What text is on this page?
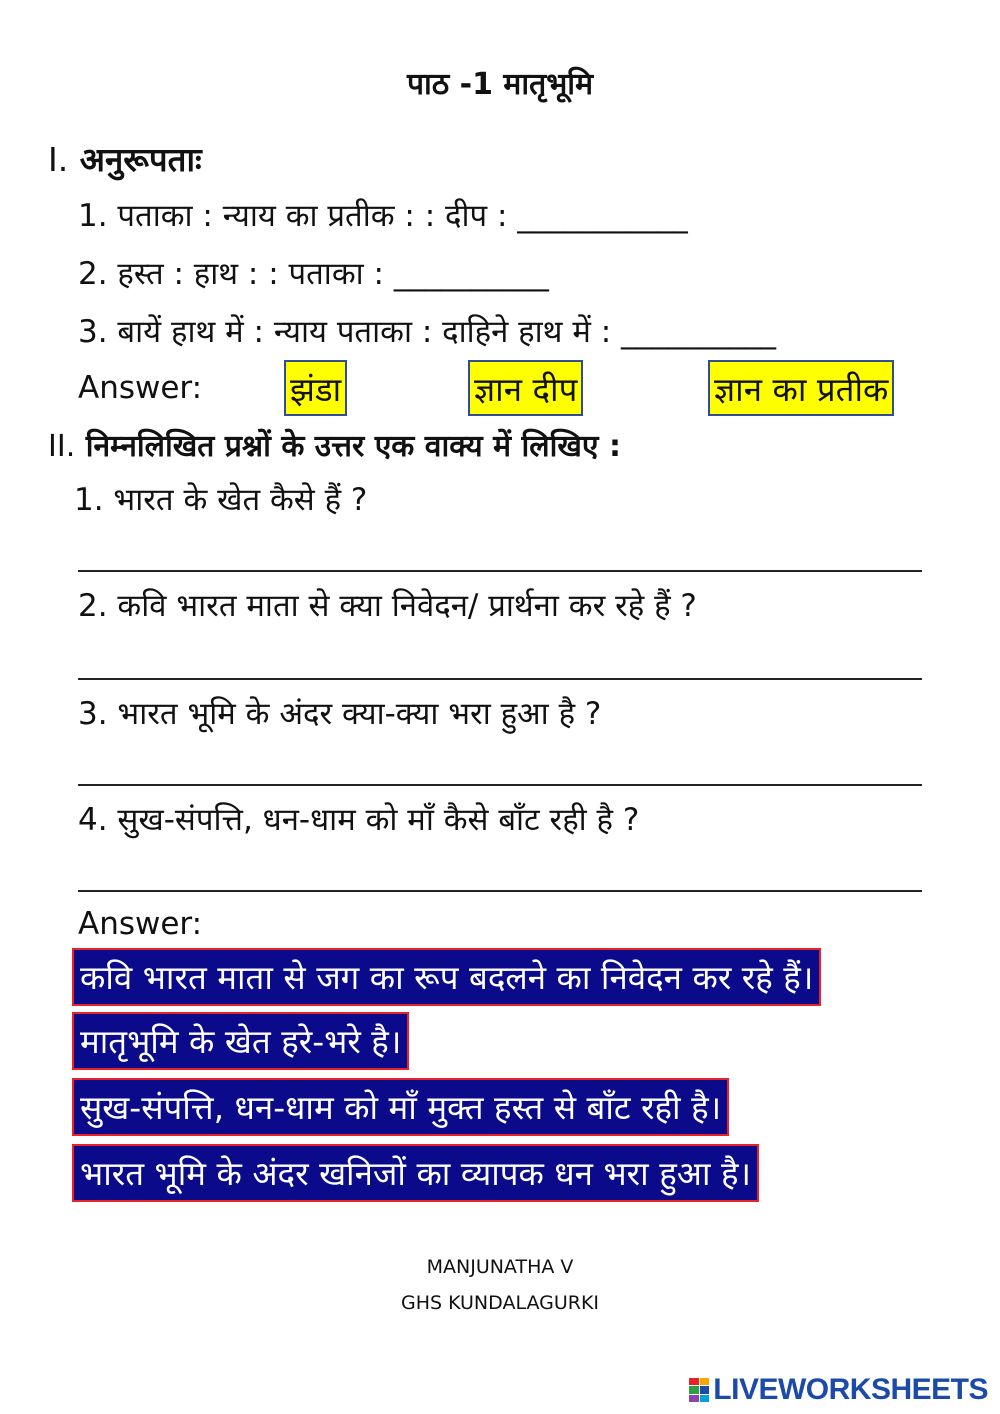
पाठ -1 मातृभूमि
I. अनुरूपताः
1. पताका : न्याय का प्रतीक : : दीप : ___________
2. हस्त : हाथ : : पताका : __________
3. बायें हाथ में : न्याय पताका : दाहिने हाथ में : __________
Answer:	झंडा	ज्ञान दीप	ज्ञान का प्रतीक
II. निम्नलिखित प्रश्नों के उत्तर एक वाक्य में लिखिए :
1. भारत के खेत कैसे हैं ?
2. कवि भारत माता से क्या निवेदन/ प्रार्थना कर रहे हैं ?
3. भारत भूमि के अंदर क्या-क्या भरा हुआ है ?
4. सुख-संपत्ति, धन-धाम को माँ कैसे बाँट रही है ?
Answer:
कवि भारत माता से जग का रूप बदलने का निवेदन कर रहे हैं।
मातृभूमि के खेत हरे-भरे है।
सुख-संपत्ति, धन-धाम को माँ मुक्त हस्त से बाँट रही है।
भारत भूमि के अंदर खनिजों का व्यापक धन भरा हुआ है।
MANJUNATHA V
GHS KUNDALAGURKI
LIVEWORKSHEETS
